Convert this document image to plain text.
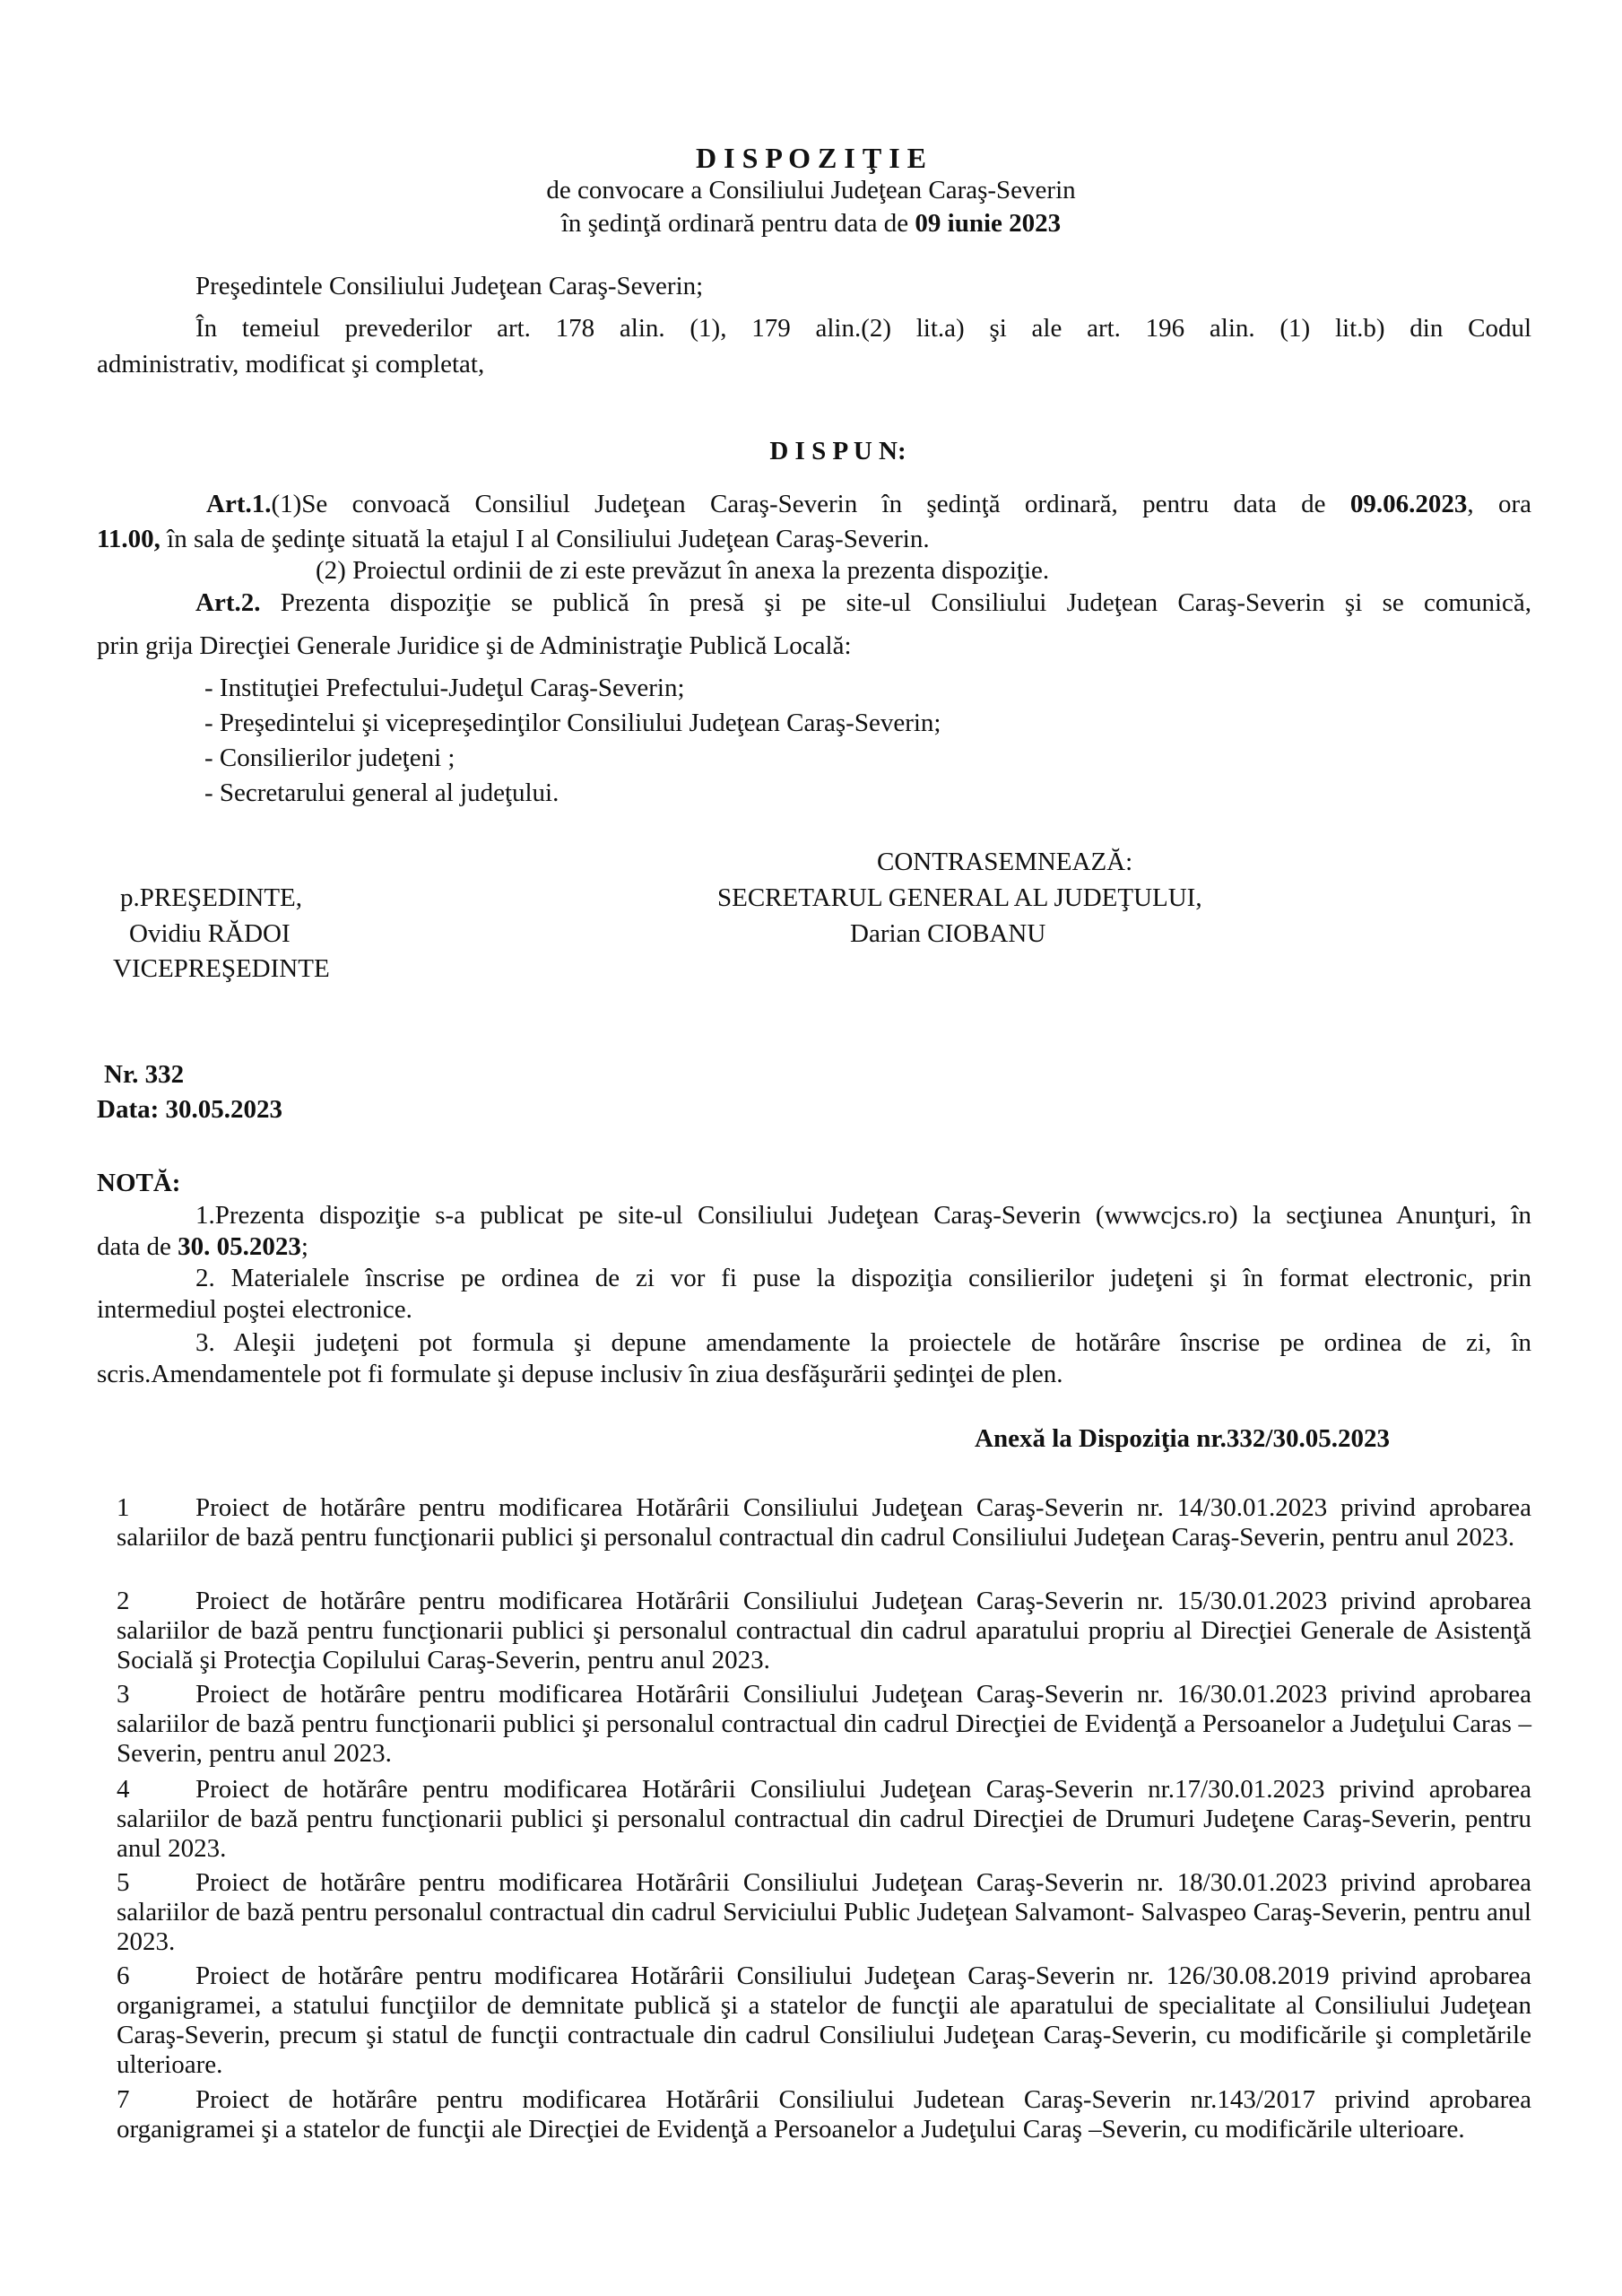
D I S P O Z I Ţ I E
de convocare a Consiliului Judeţean Caraş-Severin
în şedinţă ordinară pentru data de 09 iunie 2023
Preşedintele Consiliului Judeţean Caraş-Severin;
În temeiul prevederilor art. 178 alin. (1), 179 alin.(2) lit.a) şi ale art. 196 alin. (1) lit.b) din Codul
administrativ, modificat şi completat,
D I S P U N:
Art.1.(1)Se convoacă Consiliul Judeţean Caraş-Severin în şedinţă ordinară, pentru data de 09.06.2023, ora
11.00, în sala de şedinţe situată la etajul I al Consiliului Judeţean Caraş-Severin.
(2) Proiectul ordinii de zi este prevăzut în anexa la prezenta dispoziţie.
Art.2. Prezenta dispoziţie se publică în presă şi pe site-ul Consiliului Judeţean Caraş-Severin şi se comunică,
prin grija Direcţiei Generale Juridice şi de Administraţie Publică Locală:
- Instituţiei Prefectului-Judeţul Caraş-Severin;
- Preşedintelui şi vicepreşedinţilor Consiliului Judeţean Caraş-Severin;
- Consilierilor judeţeni ;
- Secretarului general al judeţului.
CONTRASEMNEAZĂ:
p.PREŞEDINTE,	SECRETARUL GENERAL AL JUDEŢULUI,
Ovidiu RĂDOI	Darian CIOBANU
VICEPREŞEDINTE
Nr. 332
Data: 30.05.2023
NOTĂ:
1.Prezenta dispoziţie s-a publicat pe site-ul Consiliului Judeţean Caraş-Severin (wwwcjcs.ro) la secţiunea Anunţuri, în
data de 30. 05.2023;
2. Materialele înscrise pe ordinea de zi vor fi puse la dispoziţia consilierilor judeţeni şi în format electronic, prin
intermediul poştei electronice.
3. Aleşii judeţeni pot formula şi depune amendamente la proiectele de hotărâre înscrise pe ordinea de zi, în
scris.Amendamentele pot fi formulate şi depuse inclusiv în ziua desfăşurării şedinţei de plen.
Anexă la Dispoziţia nr.332/30.05.2023
1	Proiect de hotărâre pentru modificarea Hotărârii Consiliului Judeţean Caraş-Severin nr. 14/30.01.2023 privind aprobarea
salariilor de bază pentru funcţionarii publici şi personalul contractual din cadrul Consiliului Judeţean Caraş-Severin, pentru anul 2023.
2	Proiect de hotărâre pentru modificarea Hotărârii Consiliului Judeţean Caraş-Severin nr. 15/30.01.2023 privind aprobarea
salariilor de bază pentru funcţionarii publici şi personalul contractual din cadrul aparatului propriu al Direcţiei Generale de Asistenţă Socială şi Protecţia Copilului Caraş-Severin, pentru anul 2023.
3	Proiect de hotărâre pentru modificarea Hotărârii Consiliului Judeţean Caraş-Severin nr. 16/30.01.2023 privind aprobarea
salariilor de bază pentru funcţionarii publici şi personalul contractual din cadrul Direcţiei de Evidenţă a Persoanelor a Judeţului Caras –Severin, pentru anul 2023.
4	Proiect de hotărâre pentru modificarea Hotărârii Consiliului Judeţean Caraş-Severin nr.17/30.01.2023 privind aprobarea
salariilor de bază pentru funcţionarii publici şi personalul contractual din cadrul Direcţiei de Drumuri Judeţene Caraş-Severin, pentru anul 2023.
5	Proiect de hotărâre pentru modificarea Hotărârii Consiliului Judeţean Caraş-Severin nr. 18/30.01.2023 privind aprobarea
salariilor de bază pentru personalul contractual din cadrul Serviciului Public Judeţean Salvamont- Salvaspeo Caraş-Severin, pentru anul 2023.
6	Proiect de hotărâre pentru modificarea Hotărârii Consiliului Judeţean Caraş-Severin nr. 126/30.08.2019 privind aprobarea
organigramei, a statului funcţiilor de demnitate publică şi a statelor de funcţii ale aparatului de specialitate al Consiliului Judeţean Caraş-Severin, precum şi statul de funcţii contractuale din cadrul Consiliului Judeţean Caraş-Severin, cu modificările şi completările ulterioare.
7	Proiect de hotărâre pentru modificarea Hotărârii Consiliului Judetean Caraş-Severin nr.143/2017 privind aprobarea
organigramei şi a statelor de funcţii ale Direcţiei de Evidenţă a Persoanelor a Judeţului Caraş –Severin, cu modificările ulterioare.
